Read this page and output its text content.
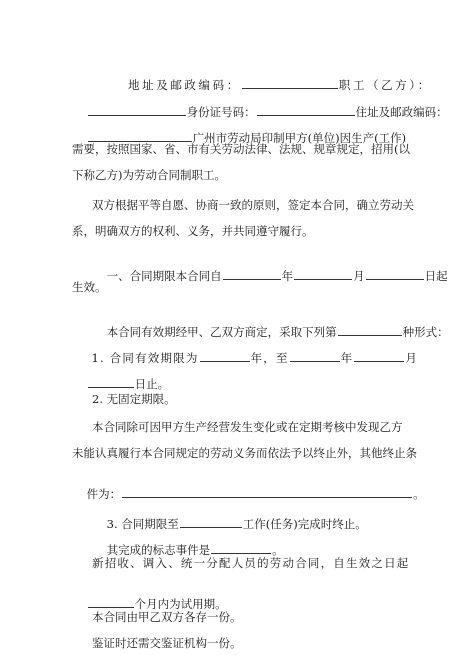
地址及邮政编码：	职工（乙方）：

身份证号码：	住址及邮政编码：

广州市劳动局印制甲方(单位)因生产(工作)

需要，按照国家、省、市有关劳动法律、法规、规章规定，招用(以
下称乙方)为劳动合同制职工。
双方根据平等自愿、协商一致的原则，签定本合同，确立劳动关
系，明确双方的权利、义务，并共同遵守履行。

一、合同期限本合同自	年	月	日起

生效。

本合同有效期经甲、乙双方商定，采取下列第	种形式：

1. 合同有效期限为	年，至	年	月

日止。

2. 无固定期限。
本合同除可因甲方生产经营发生变化或在定期考核中发现乙方
未能认真履行本合同规定的劳动义务而依法予以终止外，其他终止条

件为：	。

3. 合同期限至	工作(任务)完成时终止。

其完成的标志事件是	。

新招收、调入、统一分配人员的劳动合同，自生效之日起

个月内为试用期。

本合同由甲乙双方各存一份。
鉴证时还需交鉴证机构一份。
